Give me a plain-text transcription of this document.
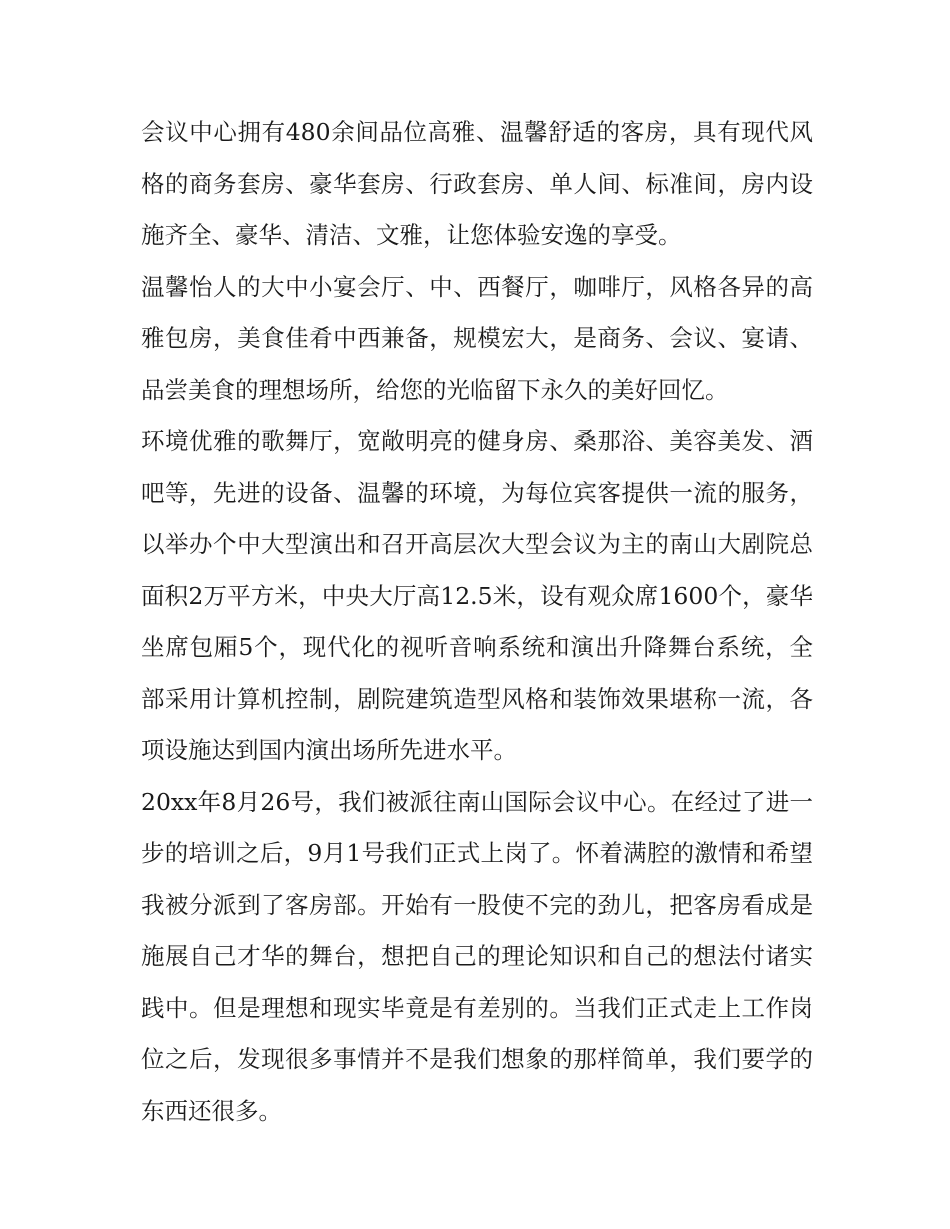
会议中心拥有480余间品位高雅、温馨舒适的客房，具有现代风格的商务套房、豪华套房、行政套房、单人间、标准间，房内设施齐全、豪华、清洁、文雅，让您体验安逸的享受。

温馨怡人的大中小宴会厅、中、西餐厅，咖啡厅，风格各异的高雅包房，美食佳肴中西兼备，规模宏大，是商务、会议、宴请、品尝美食的理想场所，给您的光临留下永久的美好回忆。

环境优雅的歌舞厅，宽敞明亮的健身房、桑那浴、美容美发、酒吧等，先进的设备、温馨的环境，为每位宾客提供一流的服务，以举办个中大型演出和召开高层次大型会议为主的南山大剧院总面积2万平方米，中央大厅高12.5米，设有观众席1600个，豪华坐席包厢5个，现代化的视听音响系统和演出升降舞台系统，全部采用计算机控制，剧院建筑造型风格和装饰效果堪称一流，各项设施达到国内演出场所先进水平。

20xx年8月26号，我们被派往南山国际会议中心。在经过了进一步的培训之后，9月1号我们正式上岗了。怀着满腔的激情和希望我被分派到了客房部。开始有一股使不完的劲儿，把客房看成是施展自己才华的舞台，想把自己的理论知识和自己的想法付诸实践中。但是理想和现实毕竟是有差别的。当我们正式走上工作岗位之后，发现很多事情并不是我们想象的那样简单，我们要学的东西还很多。
